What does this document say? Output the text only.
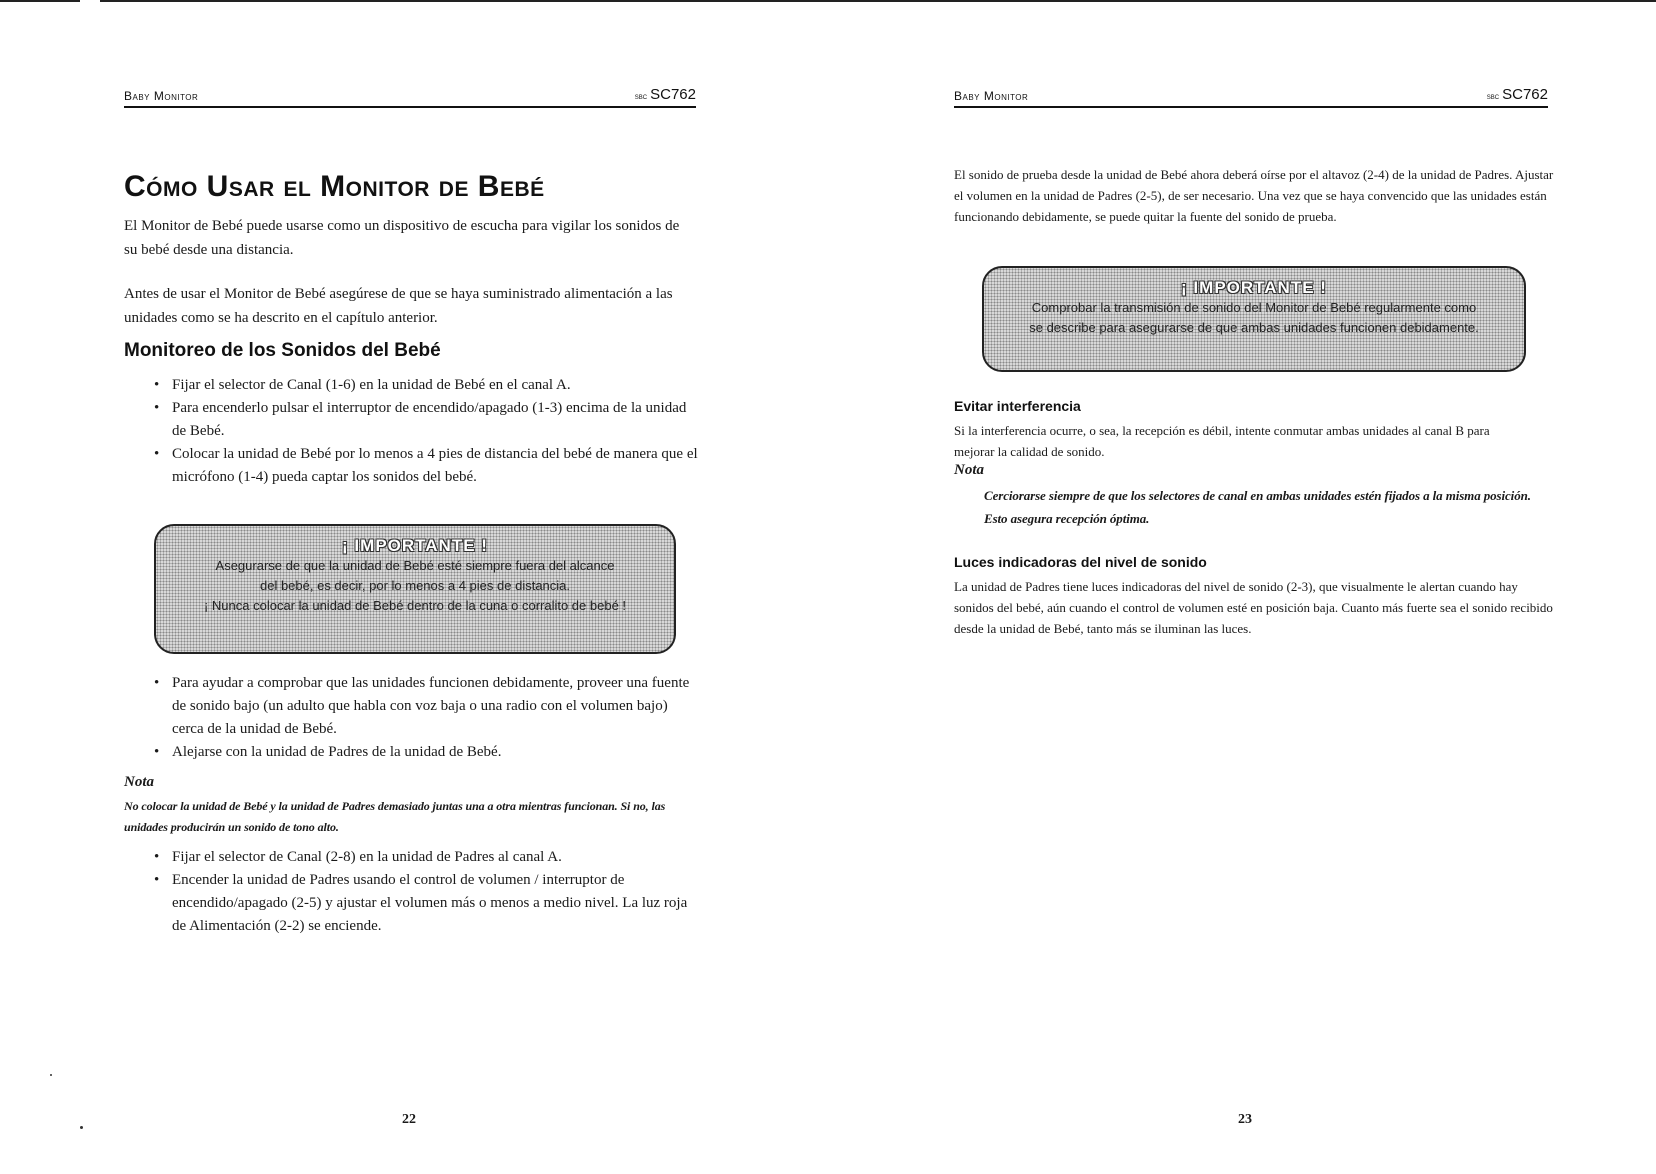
Baby Monitor	sbc SC762
Cómo Usar el Monitor de Bebé

El Monitor de Bebé puede usarse como un dispositivo de escucha para vigilar los sonidos de su bebé desde una distancia.

Antes de usar el Monitor de Bebé asegúrese de que se haya suministrado alimentación a las unidades como se ha descrito en el capítulo anterior.

Monitoreo de los Sonidos del Bebé
• Fijar el selector de Canal (1-6) en la unidad de Bebé en el canal A.
• Para encenderlo pulsar el interruptor de encendido/apagado (1-3) encima de la unidad de Bebé.
• Colocar la unidad de Bebé por lo menos a 4 pies de distancia del bebé de manera que el micrófono (1-4) pueda captar los sonidos del bebé.
¡ IMPORTANTE !
Asegurarse de que la unidad de Bebé esté siempre fuera del alcance
del bebé, es decir, por lo menos a 4 pies de distancia.
¡ Nunca colocar la unidad de Bebé dentro de la cuna o corralito de bebé !
• Para ayudar a comprobar que las unidades funcionen debidamente, proveer una fuente de sonido bajo (un adulto que habla con voz baja o una radio con el volumen bajo) cerca de la unidad de Bebé.
• Alejarse con la unidad de Padres de la unidad de Bebé.

Nota

No colocar la unidad de Bebé y la unidad de Padres demasiado juntas una a otra mientras funcionan. Si no, las unidades producirán un sonido de tono alto.

• Fijar el selector de Canal (2-8) en la unidad de Padres al canal A.
• Encender la unidad de Padres usando el control de volumen / interruptor de encendido/apagado (2-5) y ajustar el volumen más o menos a medio nivel. La luz roja de Alimentación (2-2) se enciende.

22

Baby Monitor	sbc SC762

El sonido de prueba desde la unidad de Bebé ahora deberá oírse por el altavoz (2-4) de la unidad de Padres. Ajustar el volumen en la unidad de Padres (2-5), de ser necesario. Una vez que se haya convencido que las unidades están funcionando debidamente, se puede quitar la fuente del sonido de prueba.

¡ IMPORTANTE !
Comprobar la transmisión de sonido del Monitor de Bebé regularmente como
se describe para asegurarse de que ambas unidades funcionen debidamente.
Evitar interferencia

Si la interferencia ocurre, o sea, la recepción es débil, intente conmutar ambas unidades al canal B para mejorar la calidad de sonido.

Nota

Cerciorarse siempre de que los selectores de canal en ambas unidades estén fijados a la misma posición. Esto asegura recepción óptima.

Luces indicadoras del nivel de sonido

La unidad de Padres tiene luces indicadoras del nivel de sonido (2-3), que visualmente le alertan cuando hay sonidos del bebé, aún cuando el control de volumen esté en posición baja. Cuanto más fuerte sea el sonido recibido desde la unidad de Bebé, tanto más se iluminan las luces.

23
